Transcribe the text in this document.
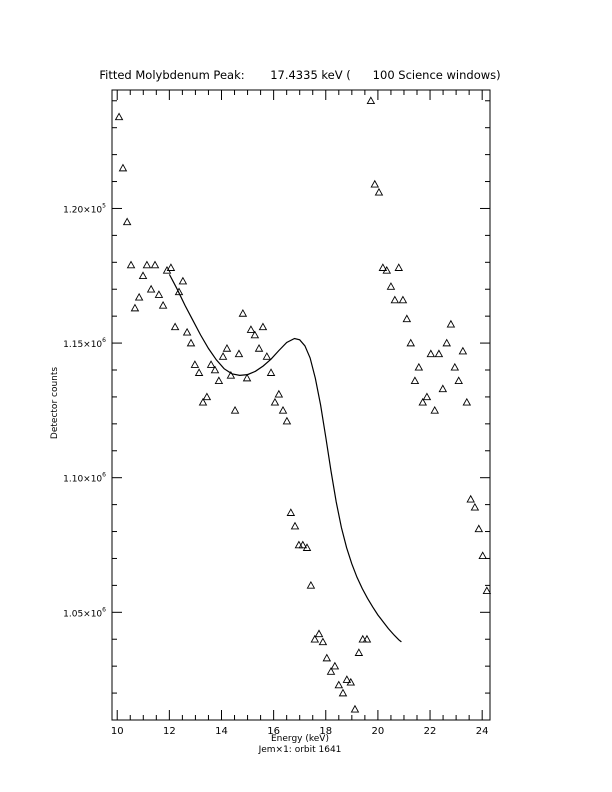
Fitted Molybdenum Peak:       17.4335 keV (      100 Science windows)
$1.05\times 10^6$
$1.10\times 10^6$
$1.15\times 10^6$
$1.20\times 10^5$
10	12	14	16	18	20	22	24
Detector counts
Energy (keV)
Jem×1: orbit 1641
